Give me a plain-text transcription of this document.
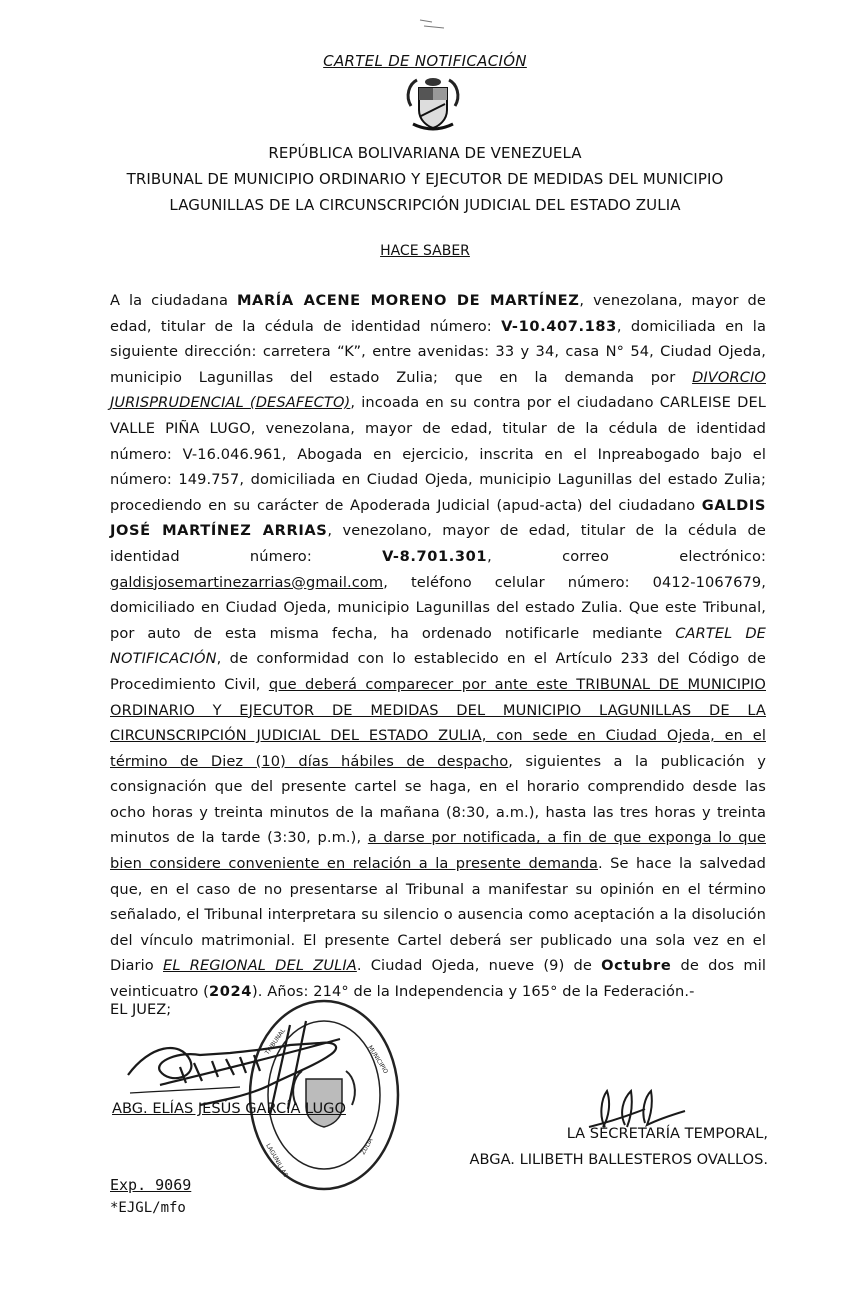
CARTEL DE NOTIFICACIÓN
REPÚBLICA BOLIVARIANA DE VENEZUELA
TRIBUNAL DE MUNICIPIO ORDINARIO Y EJECUTOR DE MEDIDAS DEL MUNICIPIO
LAGUNILLAS DE LA CIRCUNSCRIPCIÓN JUDICIAL DEL ESTADO ZULIA
HACE SABER

A la ciudadana MARÍA ACENE MORENO DE MARTÍNEZ, venezolana, mayor de edad, titular de la cédula de identidad número: V-10.407.183, domiciliada en la siguiente dirección: carretera “K”, entre avenidas: 33 y 34, casa N° 54, Ciudad Ojeda, municipio Lagunillas del estado Zulia; que en la demanda por DIVORCIO JURISPRUDENCIAL (DESAFECTO), incoada en su contra por el ciudadano CARLEISE DEL VALLE PIÑA LUGO, venezolana, mayor de edad, titular de la cédula de identidad número: V-16.046.961, Abogada en ejercicio, inscrita en el Inpreabogado bajo el número: 149.757, domiciliada en Ciudad Ojeda, municipio Lagunillas del estado Zulia; procediendo en su carácter de Apoderada Judicial (apud-acta) del ciudadano GALDIS JOSÉ MARTÍNEZ ARRIAS, venezolano, mayor de edad, titular de la cédula de identidad número: V-8.701.301, correo electrónico: galdisjosemartinezarrias@gmail.com, teléfono celular número: 0412-1067679, domiciliado en Ciudad Ojeda, municipio Lagunillas del estado Zulia. Que este Tribunal, por auto de esta misma fecha, ha ordenado notificarle mediante CARTEL DE NOTIFICACIÓN, de conformidad con lo establecido en el Artículo 233 del Código de Procedimiento Civil, que deberá comparecer por ante este TRIBUNAL DE MUNICIPIO ORDINARIO Y EJECUTOR DE MEDIDAS DEL MUNICIPIO LAGUNILLAS DE LA CIRCUNSCRIPCIÓN JUDICIAL DEL ESTADO ZULIA, con sede en Ciudad Ojeda, en el término de Diez (10) días hábiles de despacho, siguientes a la publicación y consignación que del presente cartel se haga, en el horario comprendido desde las ocho horas y treinta minutos de la mañana (8:30, a.m.), hasta las tres horas y treinta minutos de la tarde (3:30, p.m.), a darse por notificada, a fin de que exponga lo que bien considere conveniente en relación a la presente demanda. Se hace la salvedad que, en el caso de no presentarse al Tribunal a manifestar su opinión en el término señalado, el Tribunal interpretara su silencio o ausencia como aceptación a la disolución del vínculo matrimonial. El presente Cartel deberá ser publicado una sola vez en el Diario EL REGIONAL DEL ZULIA. Ciudad Ojeda, nueve (9) de Octubre de dos mil veinticuatro (2024). Años: 214° de la Independencia y 165° de la Federación.-

EL JUEZ;
TRIBUNAL
MUNICIPIO
LAGUNILLAS	ZULIA
ABG. ELÍAS JESÚS GARCÍA LUGO
LA SECRETARÍA TEMPORAL,
ABGA. LILIBETH BALLESTEROS OVALLOS.
Exp. 9069
*EJGL/mfo
